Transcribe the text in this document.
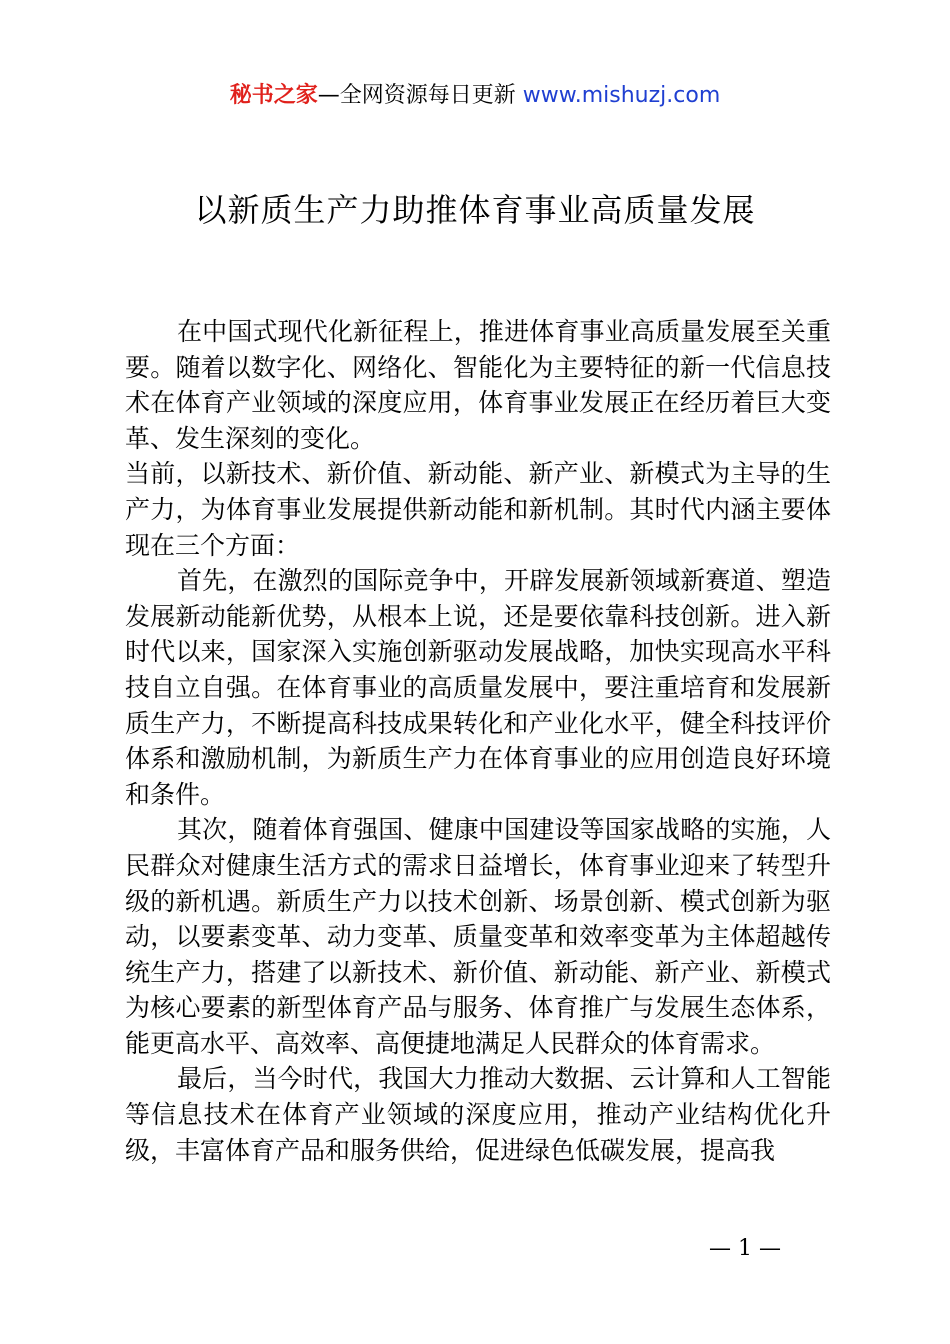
秘书之家—全网资源每日更新 www.mishuzj.com
以新质生产力助推体育事业高质量发展

在中国式现代化新征程上，推进体育事业高质量发展至关重要。随着以数字化、网络化、智能化为主要特征的新一代信息技术在体育产业领域的深度应用，体育事业发展正在经历着巨大变革、发生深刻的变化。

当前，以新技术、新价值、新动能、新产业、新模式为主导的生产力，为体育事业发展提供新动能和新机制。其时代内涵主要体现在三个方面：

首先，在激烈的国际竞争中，开辟发展新领域新赛道、塑造发展新动能新优势，从根本上说，还是要依靠科技创新。进入新时代以来，国家深入实施创新驱动发展战略，加快实现高水平科技自立自强。在体育事业的高质量发展中，要注重培育和发展新质生产力，不断提高科技成果转化和产业化水平，健全科技评价体系和激励机制，为新质生产力在体育事业的应用创造良好环境和条件。

其次，随着体育强国、健康中国建设等国家战略的实施，人民群众对健康生活方式的需求日益增长，体育事业迎来了转型升级的新机遇。新质生产力以技术创新、场景创新、模式创新为驱动，以要素变革、动力变革、质量变革和效率变革为主体超越传统生产力，搭建了以新技术、新价值、新动能、新产业、新模式为核心要素的新型体育产品与服务、体育推广与发展生态体系，能更高水平、高效率、高便捷地满足人民群众的体育需求。

最后，当今时代，我国大力推动大数据、云计算和人工智能等信息技术在体育产业领域的深度应用，推动产业结构优化升级，丰富体育产品和服务供给，促进绿色低碳发展，提高我

— 1 —
